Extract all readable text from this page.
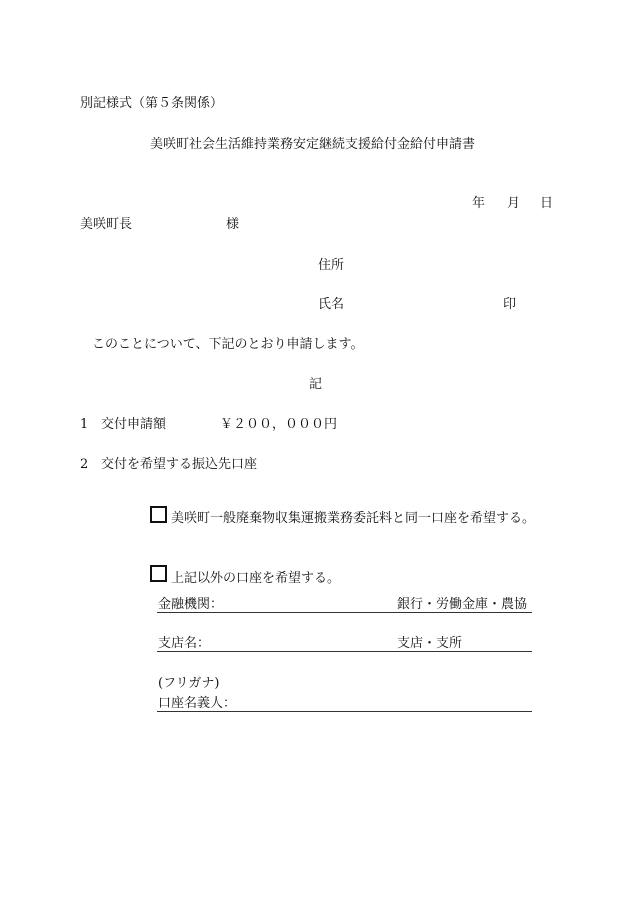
別記様式（第５条関係）
美咲町社会生活維持業務安定継続支援給付金給付申請書
年 月 日
美咲町長	様
住所
氏名	印
このことについて、下記のとおり申請します。
記
1 交付申請額	￥２００，０００円
2 交付を希望する振込先口座
美咲町一般廃棄物収集運搬業務委託料と同一口座を希望する。
上記以外の口座を希望する。
金融機関：	銀行・労働金庫・農協
支店名：	支店・支所
(フリガナ)
口座名義人：
